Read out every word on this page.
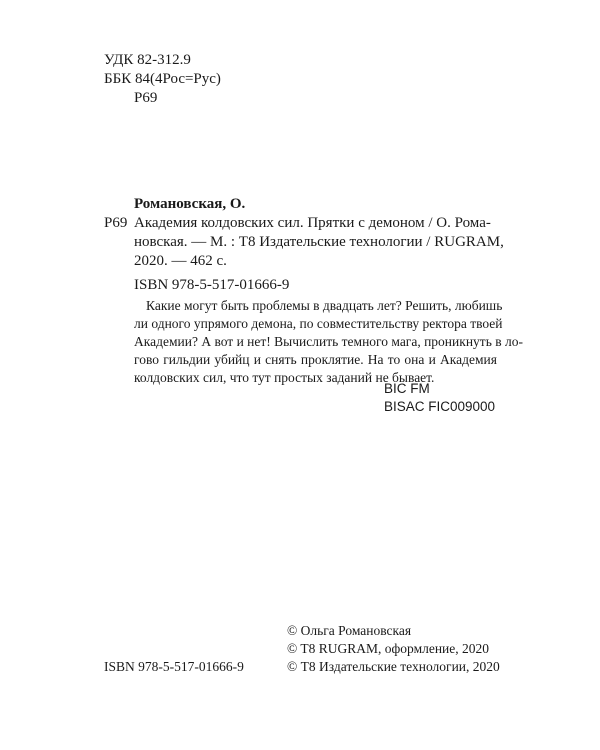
УДК 82-312.9
ББК 84(4Рос=Рус)
Р69
Романовская, О.
Р69 Академия колдовских сил. Прятки с демоном / О. Рома-
новская. — М. : Т8 Издательские технологии / RUGRAM,
2020. — 462 с.
ISBN 978-5-517-01666-9
Какие могут быть проблемы в двадцать лет? Решить, любишь
ли одного упрямого демона, по совместительству ректора твоей
Академии? А вот и нет! Вычислить темного мага, проникнуть в ло-
гово гильдии убийц и снять проклятие. На то она и Академия
колдовских сил, что тут простых заданий не бывает.
BIC FM
BISAC FIC009000
ISBN 978-5-517-01666-9
© Ольга Романовская
© T8 RUGRAM, оформление, 2020
© Т8 Издательские технологии, 2020
